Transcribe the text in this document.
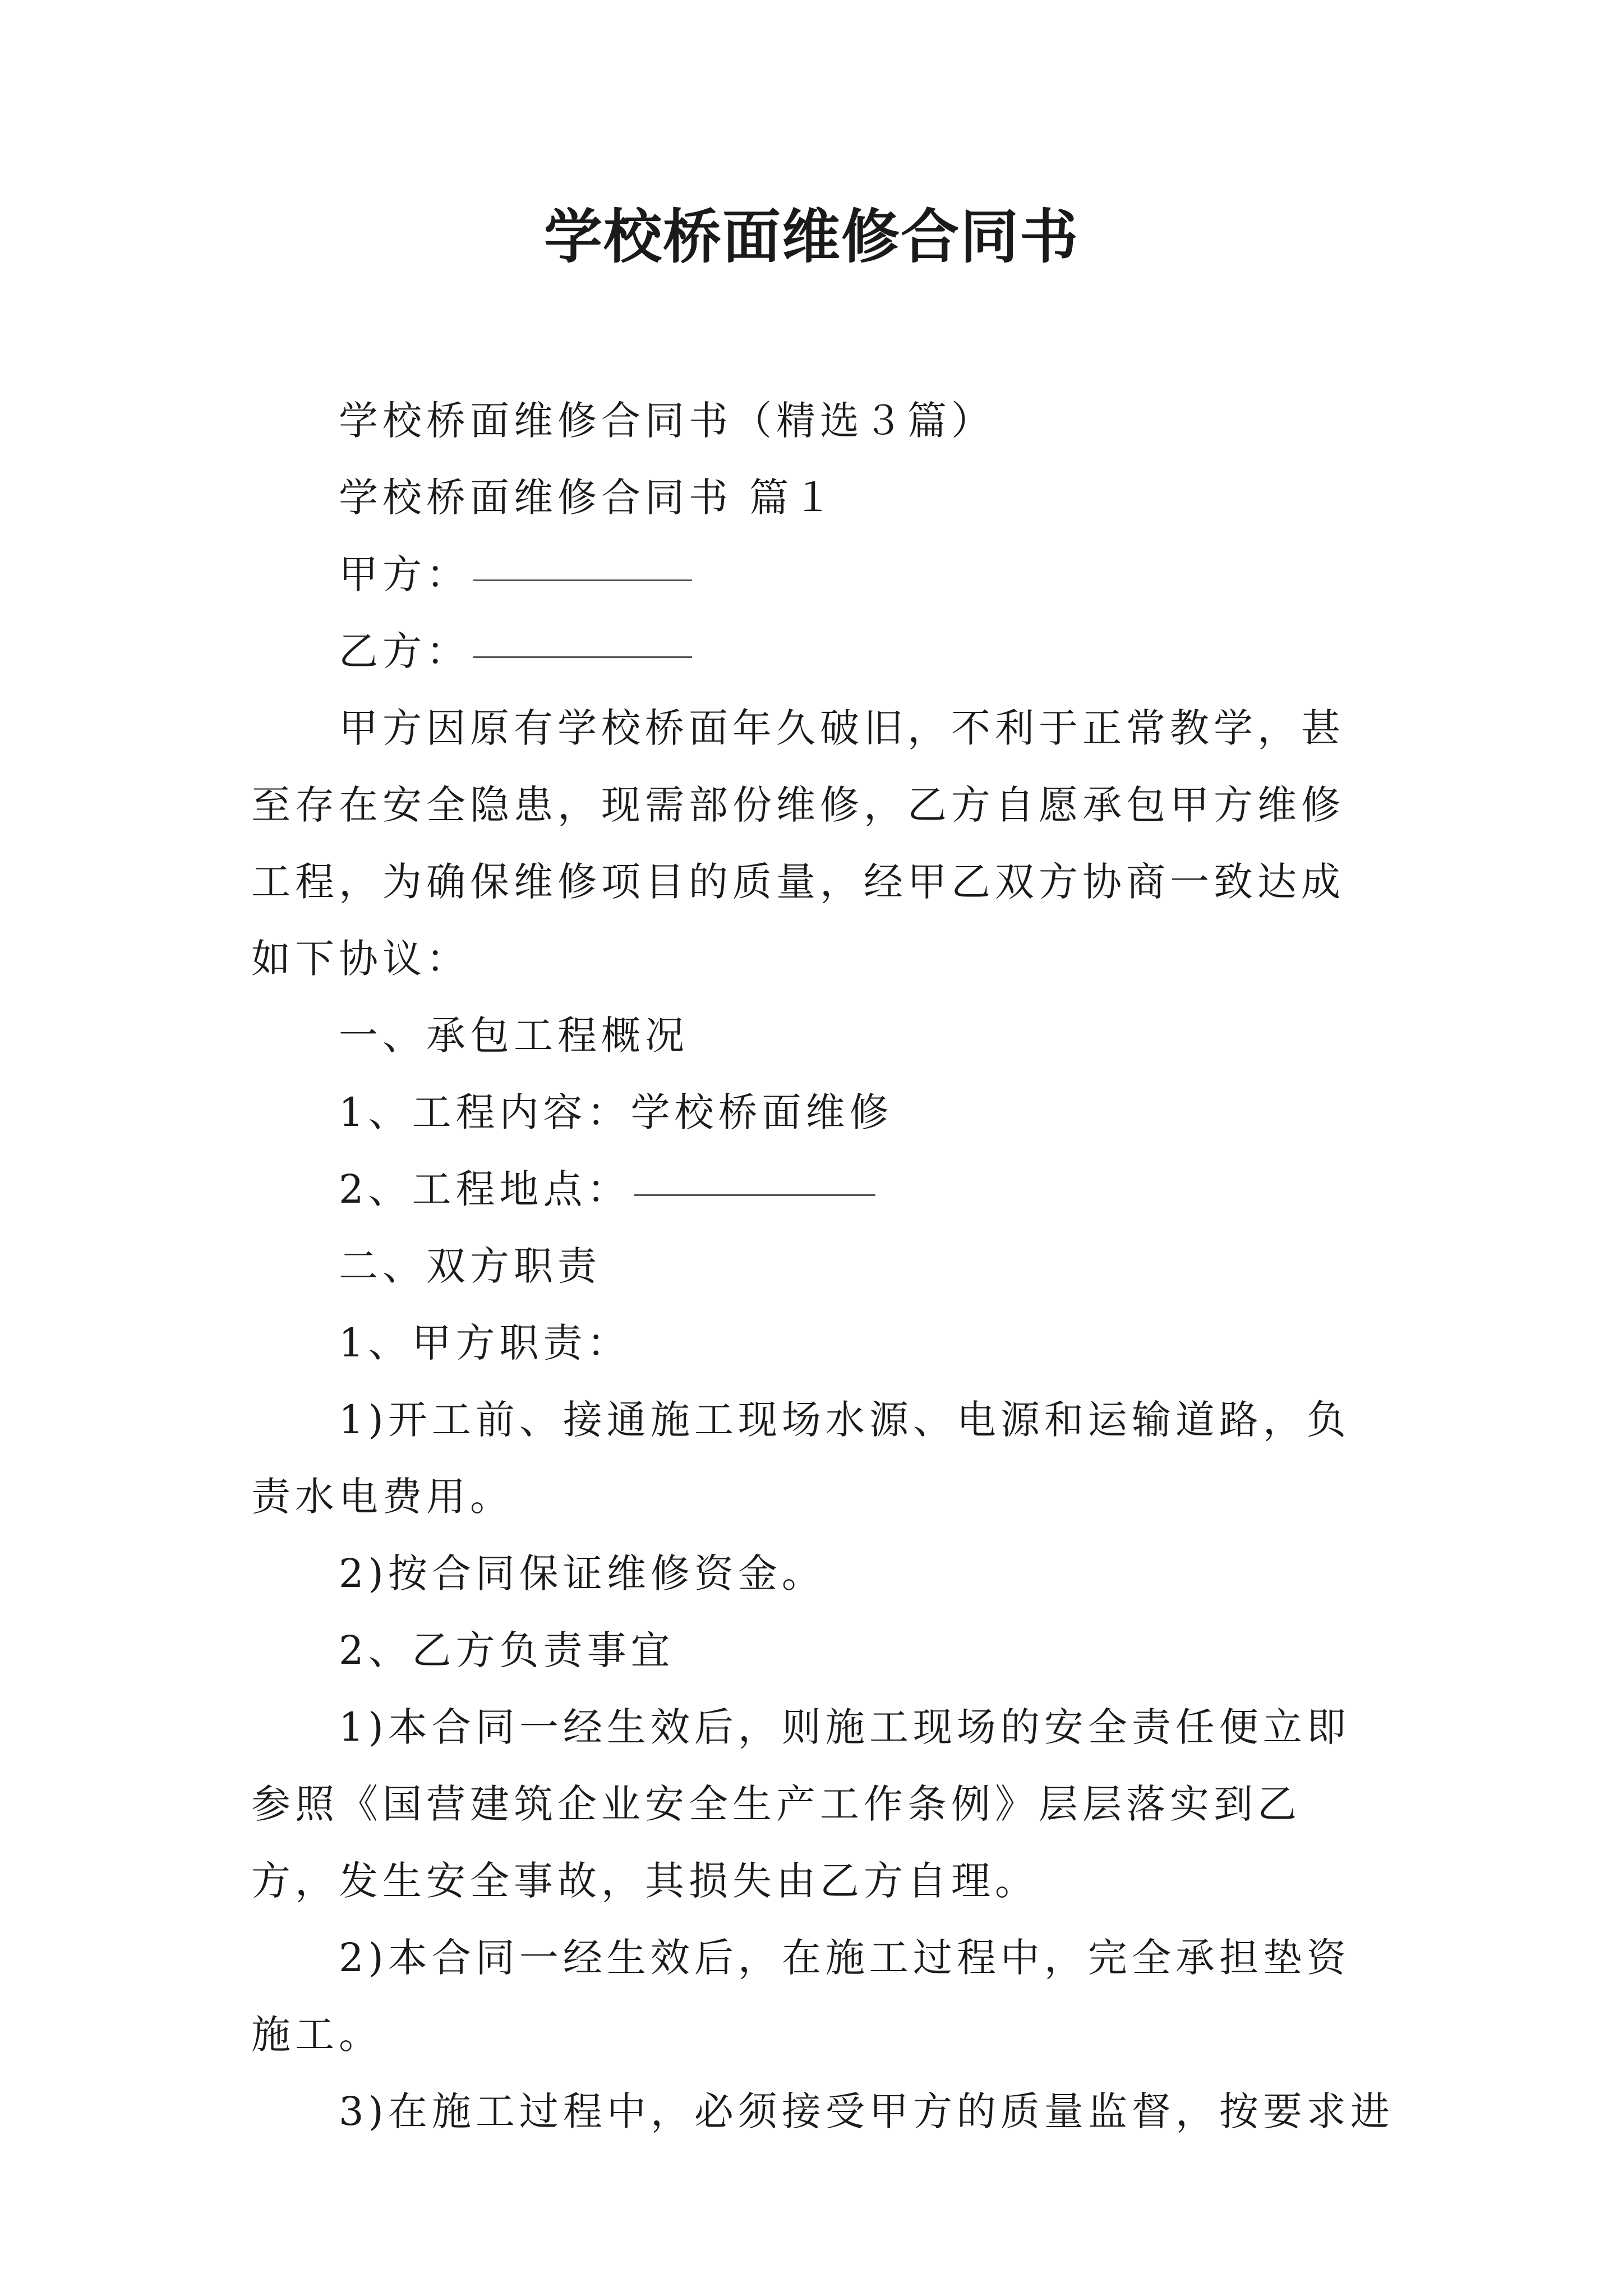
学校桥面维修合同书

学校桥面维修合同书（精选３篇）

学校桥面维修合同书 篇１

甲方：

乙方：

甲方因原有学校桥面年久破旧，不利于正常教学，甚至存在安全隐患，现需部份维修，乙方自愿承包甲方维修工程，为确保维修项目的质量，经甲乙双方协商一致达成如下协议：

一、承包工程概况

1、工程内容：学校桥面维修

2、工程地点：

二、双方职责

1、甲方职责：

1)开工前、接通施工现场水源、电源和运输道路，负责水电费用。

2)按合同保证维修资金。

2、乙方负责事宜

1)本合同一经生效后，则施工现场的安全责任便立即参照《国营建筑企业安全生产工作条例》层层落实到乙方，发生安全事故，其损失由乙方自理。

2)本合同一经生效后，在施工过程中，完全承担垫资施工。

3)在施工过程中，必须接受甲方的质量监督，按要求进
